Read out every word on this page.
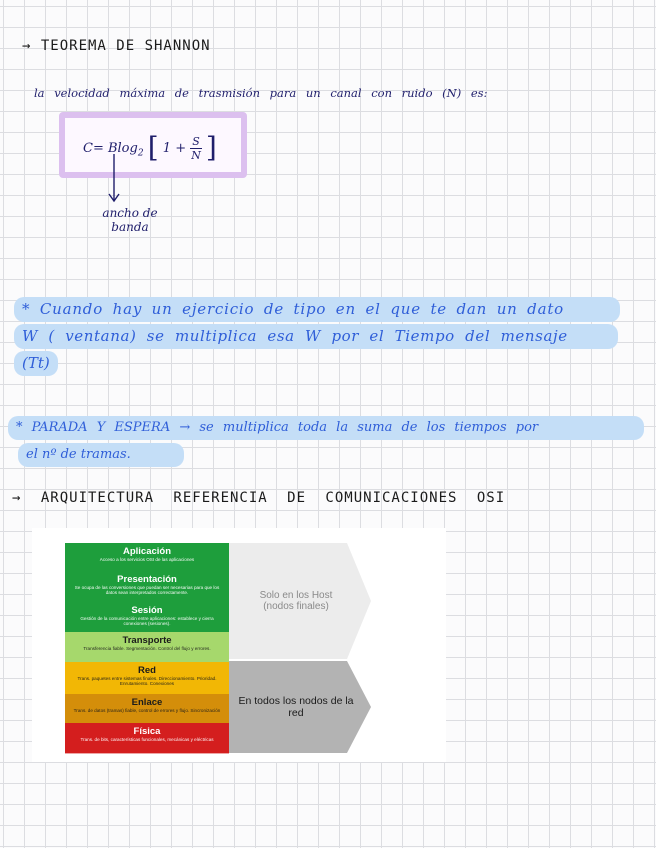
→ TEOREMA DE SHANNON
la velocidad máxima de trasmisión para un canal con ruido (N) es:
C= Blog$_2$ [ $1 + \frac{S}{N}$ ]
ancho de
banda
* Cuando hay un ejercicio de tipo en el que te dan un dato W ( ventana) se multiplica esa W por el Tiempo del mensaje (Tt)
* PARADA Y ESPERA → se multiplica toda la suma de los tiempos por el nº de tramas.
→ ARQUITECTURA REFERENCIA DE COMUNICACIONES OSI
Aplicación
Acceso a los servicios OSI de las aplicaciones
Presentación
Se ocupa de las conversiones que puedan ser necesarias para que los datos sean interpretados correctamente.
Sesión
Gestión de la comunicación entre aplicaciones: establece y cierra conexiones (sesiones).
Transporte
Transferencia fiable. Segmentación. Control del flujo y errores.
Red
Trans. paquetes entre sistemas finales. Direccionamiento. Prioridad. Enrutamiento. Conexiones
Enlace
Trans. de datos (tramas) fiable, control de errores y flujo. Sincronización
Física
Trans. de bits, características funcionales, mecánicas y eléctricas
Solo en los Host (nodos finales)
En todos los nodos de la red
